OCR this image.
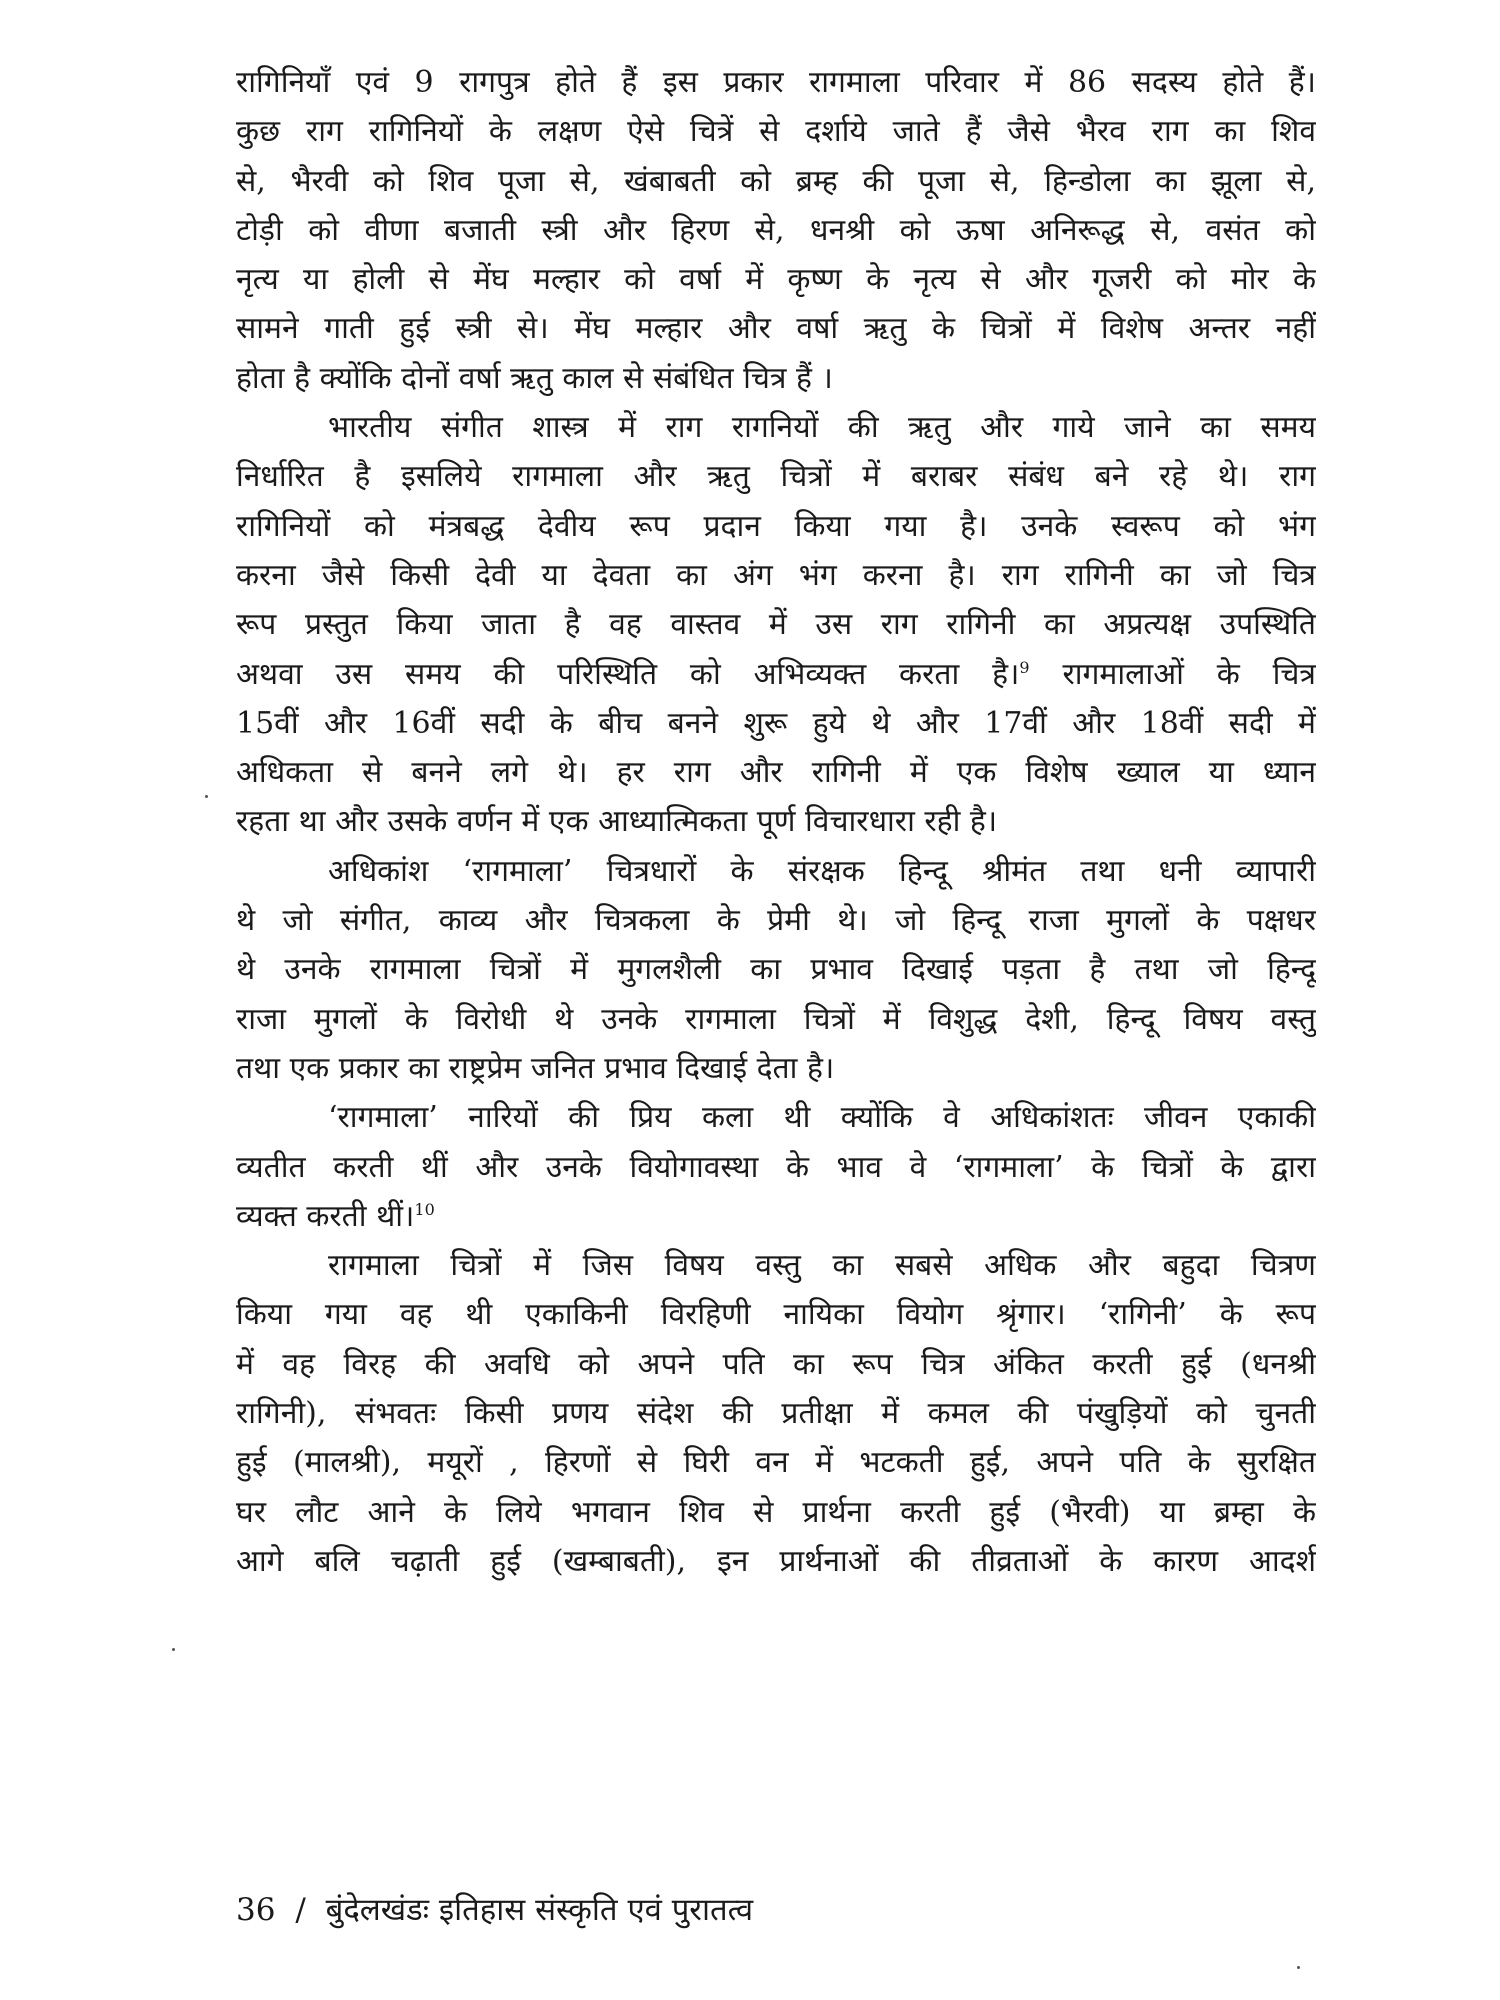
रागिनियाँ एवं 9 रागपुत्र होते हैं इस प्रकार रागमाला परिवार में 86 सदस्य होते हैं।
कुछ राग रागिनियों के लक्षण ऐसे चित्रें से दर्शाये जाते हैं जैसे भैरव राग का शिव
से, भैरवी को शिव पूजा से, खंबाबती को ब्रम्ह की पूजा से, हिन्डोला का झूला से,
टोड़ी को वीणा बजाती स्त्री और हिरण से, धनश्री को ऊषा अनिरूद्ध से, वसंत को
नृत्य या होली से मेंघ मल्हार को वर्षा में कृष्ण के नृत्य से और गूजरी को मोर के
सामने गाती हुई स्त्री से। मेंघ मल्हार और वर्षा ऋतु के चित्रों में विशेष अन्तर नहीं
होता है क्योंकि दोनों वर्षा ऋतु काल से संबंधित चित्र हैं ।
भारतीय संगीत शास्त्र में राग रागनियों की ऋतु और गाये जाने का समय
निर्धारित है इसलिये रागमाला और ऋतु चित्रों में बराबर संबंध बने रहे थे। राग
रागिनियों को मंत्रबद्ध देवीय रूप प्रदान किया गया है। उनके स्वरूप को भंग
करना जैसे किसी देवी या देवता का अंग भंग करना है। राग रागिनी का जो चित्र
रूप प्रस्तुत किया जाता है वह वास्तव में उस राग रागिनी का अप्रत्यक्ष उपस्थिति
अथवा उस समय की परिस्थिति को अभिव्यक्त करता है।$^9$ रागमालाओं के चित्र
15वीं और 16वीं सदी के बीच बनने शुरू हुये थे और 17वीं और 18वीं सदी में
अधिकता से बनने लगे थे। हर राग और रागिनी में एक विशेष ख्याल या ध्यान
रहता था और उसके वर्णन में एक आध्यात्मिकता पूर्ण विचारधारा रही है।
अधिकांश ‘रागमाला’ चित्रधारों के संरक्षक हिन्दू श्रीमंत तथा धनी व्यापारी
थे जो संगीत, काव्य और चित्रकला के प्रेमी थे। जो हिन्दू राजा मुगलों के पक्षधर
थे उनके रागमाला चित्रों में मुगलशैली का प्रभाव दिखाई पड़ता है तथा जो हिन्दू
राजा मुगलों के विरोधी थे उनके रागमाला चित्रों में विशुद्ध देशी, हिन्दू विषय वस्तु
तथा एक प्रकार का राष्ट्रप्रेम जनित प्रभाव दिखाई देता है।
‘रागमाला’ नारियों की प्रिय कला थी क्योंकि वे अधिकांशतः जीवन एकाकी
व्यतीत करती थीं और उनके वियोगावस्था के भाव वे ‘रागमाला’ के चित्रों के द्वारा
व्यक्त करती थीं।$^{10}$
रागमाला चित्रों में जिस विषय वस्तु का सबसे अधिक और बहुदा चित्रण
किया गया वह थी एकाकिनी विरहिणी नायिका वियोग श्रृंगार। ‘रागिनी’ के रूप
में वह विरह की अवधि को अपने पति का रूप चित्र अंकित करती हुई (धनश्री
रागिनी), संभवतः किसी प्रणय संदेश की प्रतीक्षा में कमल की पंखुड़ियों को चुनती
हुई (मालश्री), मयूरों , हिरणों से घिरी वन में भटकती हुई, अपने पति के सुरक्षित
घर लौट आने के लिये भगवान शिव से प्रार्थना करती हुई (भैरवी) या ब्रम्हा के
आगे बलि चढ़ाती हुई (खम्बाबती), इन प्रार्थनाओं की तीव्रताओं के कारण आदर्श
36 / बुंदेलखंडः इतिहास संस्कृति एवं पुरातत्व
